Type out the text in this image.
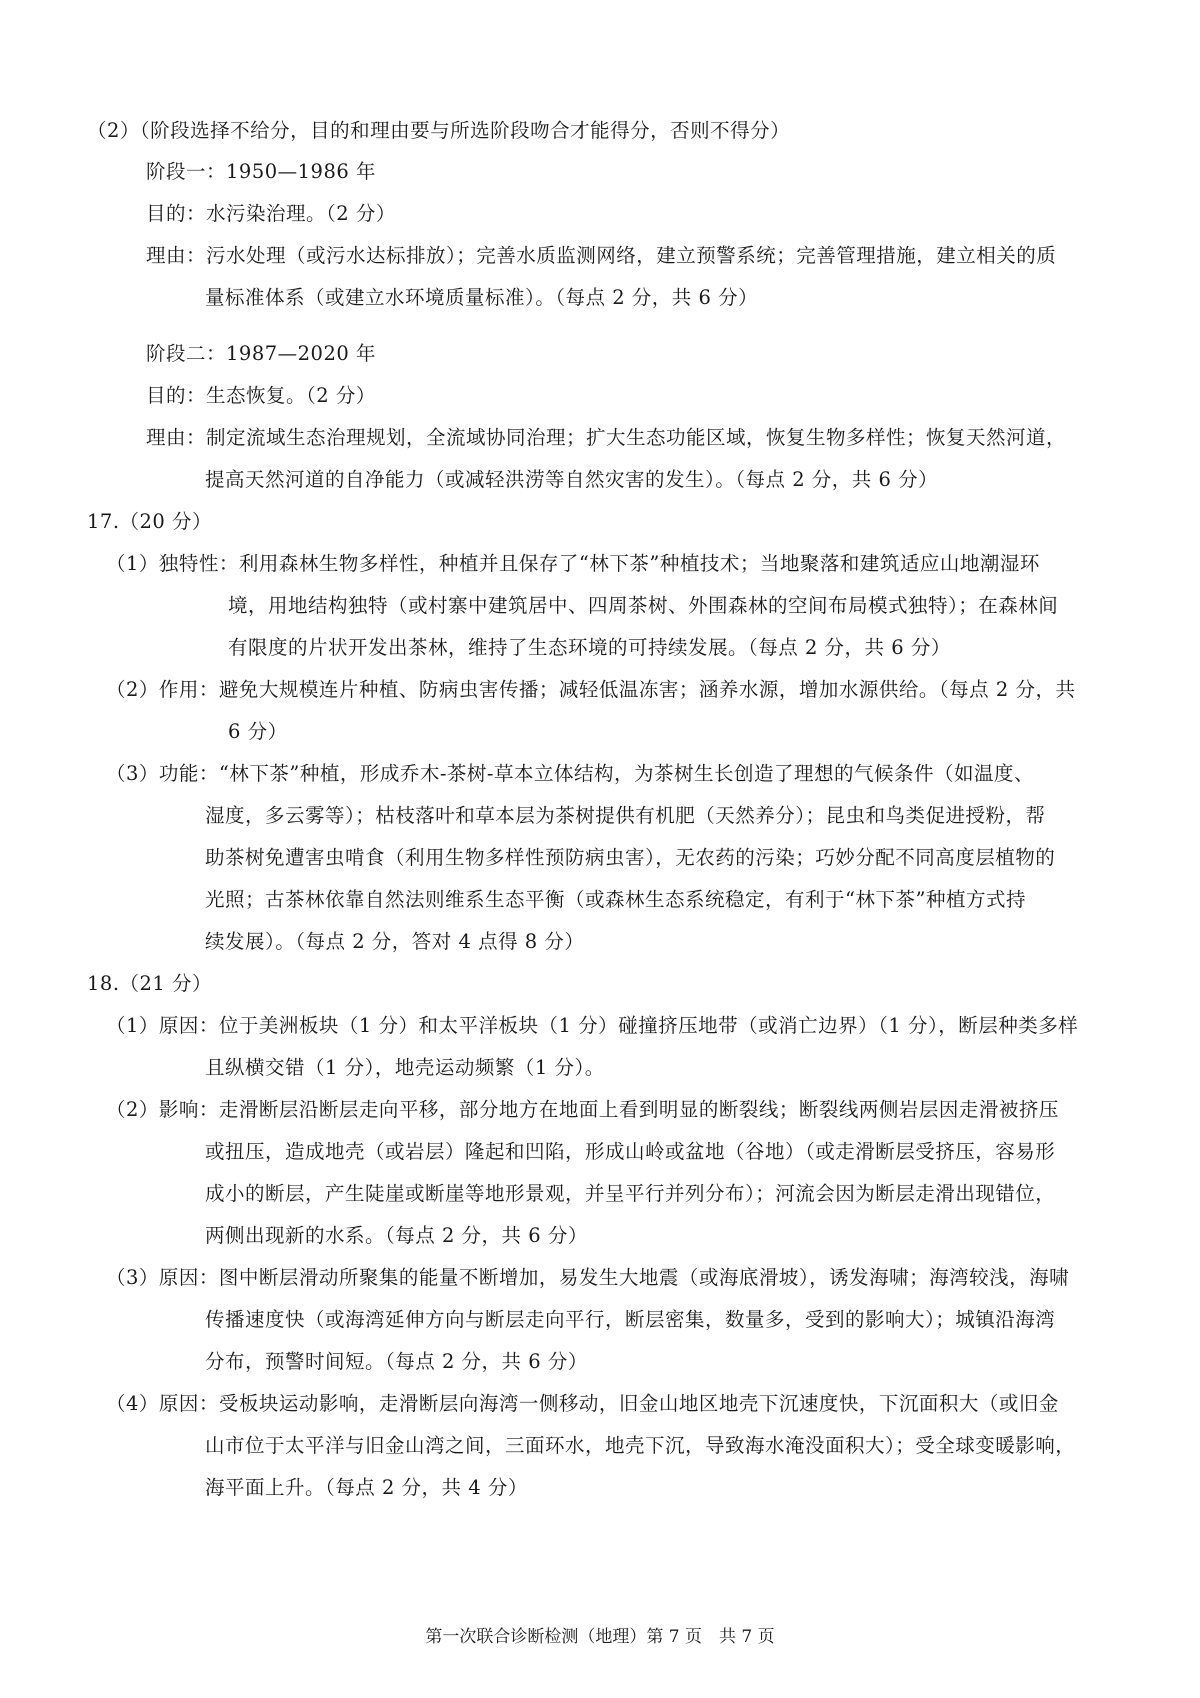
（2）（阶段选择不给分，目的和理由要与所选阶段吻合才能得分，否则不得分）
阶段一：1950—1986 年
目的：水污染治理。（2 分）
理由：污水处理（或污水达标排放）；完善水质监测网络，建立预警系统；完善管理措施，建立相关的质
量标准体系（或建立水环境质量标准）。（每点 2 分，共 6 分）
阶段二：1987—2020 年
目的：生态恢复。（2 分）
理由：制定流域生态治理规划，全流域协同治理；扩大生态功能区域，恢复生物多样性；恢复天然河道，
提高天然河道的自净能力（或减轻洪涝等自然灾害的发生）。（每点 2 分，共 6 分）
17.（20 分）
（1）独特性：利用森林生物多样性，种植并且保存了“林下茶”种植技术；当地聚落和建筑适应山地潮湿环
境，用地结构独特（或村寨中建筑居中、四周茶树、外围森林的空间布局模式独特）；在森林间
有限度的片状开发出茶林，维持了生态环境的可持续发展。（每点 2 分，共 6 分）
（2）作用：避免大规模连片种植、防病虫害传播；减轻低温冻害；涵养水源，增加水源供给。（每点 2 分，共
6 分）
（3）功能：“林下茶”种植，形成乔木-茶树-草本立体结构，为茶树生长创造了理想的气候条件（如温度、
湿度，多云雾等）；枯枝落叶和草本层为茶树提供有机肥（天然养分）；昆虫和鸟类促进授粉，帮
助茶树免遭害虫啃食（利用生物多样性预防病虫害），无农药的污染；巧妙分配不同高度层植物的
光照；古茶林依靠自然法则维系生态平衡（或森林生态系统稳定，有利于“林下茶”种植方式持
续发展）。（每点 2 分，答对 4 点得 8 分）
18.（21 分）
（1）原因：位于美洲板块（1 分）和太平洋板块（1 分）碰撞挤压地带（或消亡边界）（1 分），断层种类多样
且纵横交错（1 分），地壳运动频繁（1 分）。
（2）影响：走滑断层沿断层走向平移，部分地方在地面上看到明显的断裂线；断裂线两侧岩层因走滑被挤压
或扭压，造成地壳（或岩层）隆起和凹陷，形成山岭或盆地（谷地）（或走滑断层受挤压，容易形
成小的断层，产生陡崖或断崖等地形景观，并呈平行并列分布）；河流会因为断层走滑出现错位，
两侧出现新的水系。（每点 2 分，共 6 分）
（3）原因：图中断层滑动所聚集的能量不断增加，易发生大地震（或海底滑坡），诱发海啸；海湾较浅，海啸
传播速度快（或海湾延伸方向与断层走向平行，断层密集，数量多，受到的影响大）；城镇沿海湾
分布，预警时间短。（每点 2 分，共 6 分）
（4）原因：受板块运动影响，走滑断层向海湾一侧移动，旧金山地区地壳下沉速度快，下沉面积大（或旧金
山市位于太平洋与旧金山湾之间，三面环水，地壳下沉，导致海水淹没面积大）；受全球变暖影响，
海平面上升。（每点 2 分，共 4 分）
第一次联合诊断检测（地理）第 7 页　共 7 页
